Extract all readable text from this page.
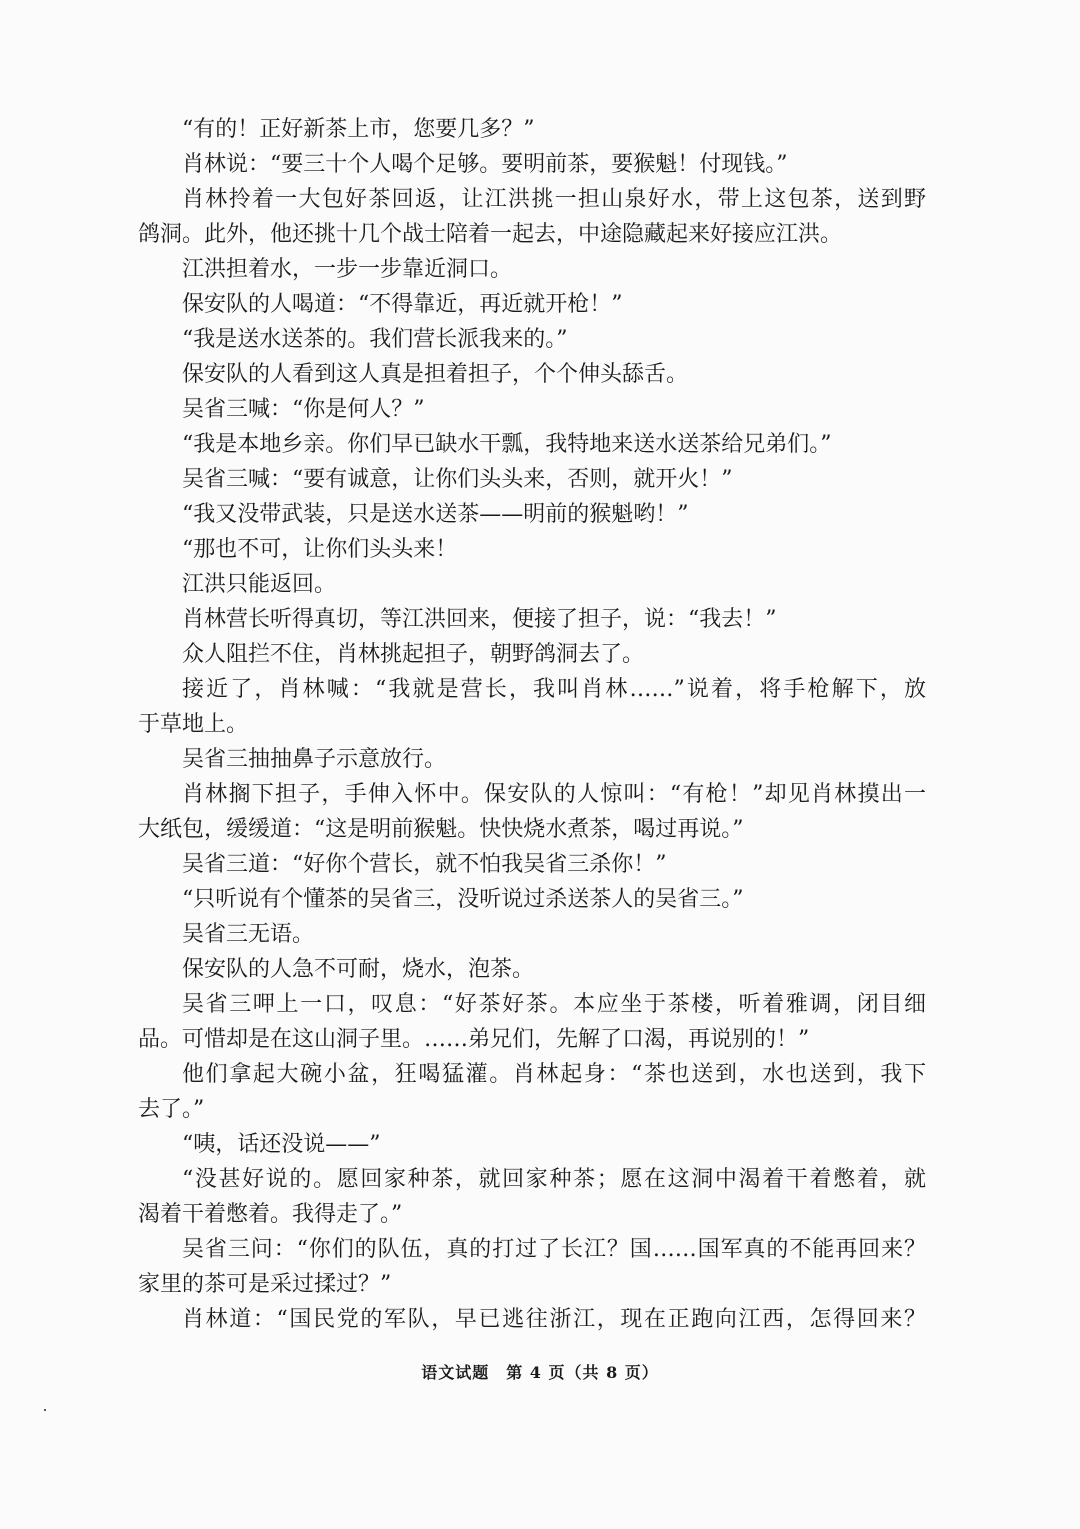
“有的！正好新茶上市，您要几多？”
肖林说：“要三十个人喝个足够。要明前茶，要猴魁！付现钱。”
肖林拎着一大包好茶回返，让江洪挑一担山泉好水，带上这包茶，送到野
鸽洞。此外，他还挑十几个战士陪着一起去，中途隐藏起来好接应江洪。
江洪担着水，一步一步靠近洞口。
保安队的人喝道：“不得靠近，再近就开枪！”
“我是送水送茶的。我们营长派我来的。”
保安队的人看到这人真是担着担子，个个伸头舔舌。
吴省三喊：“你是何人？”
“我是本地乡亲。你们早已缺水干瓢，我特地来送水送茶给兄弟们。”
吴省三喊：“要有诚意，让你们头头来，否则，就开火！”
“我又没带武装，只是送水送茶——明前的猴魁哟！”
“那也不可，让你们头头来！
江洪只能返回。
肖林营长听得真切，等江洪回来，便接了担子，说：“我去！”
众人阻拦不住，肖林挑起担子，朝野鸽洞去了。
接近了，肖林喊：“我就是营长，我叫肖林……”说着，将手枪解下，放
于草地上。
吴省三抽抽鼻子示意放行。
肖林搁下担子，手伸入怀中。保安队的人惊叫：“有枪！”却见肖林摸出一
大纸包，缓缓道：“这是明前猴魁。快快烧水煮茶，喝过再说。”
吴省三道：“好你个营长，就不怕我吴省三杀你！”
“只听说有个懂茶的吴省三，没听说过杀送茶人的吴省三。”
吴省三无语。
保安队的人急不可耐，烧水，泡茶。
吴省三呷上一口，叹息：“好茶好茶。本应坐于茶楼，听着雅调，闭目细
品。可惜却是在这山洞子里。……弟兄们，先解了口渴，再说别的！”
他们拿起大碗小盆，狂喝猛灌。肖林起身：“茶也送到，水也送到，我下
去了。”
“咦，话还没说——”
“没甚好说的。愿回家种茶，就回家种茶；愿在这洞中渴着干着憋着，就
渴着干着憋着。我得走了。”
吴省三问：“你们的队伍，真的打过了长江？国……国军真的不能再回来？
家里的茶可是采过揉过？”
肖林道：“国民党的军队，早已逃往浙江，现在正跑向江西，怎得回来？
语文试题　第 4 页（共 8 页）
